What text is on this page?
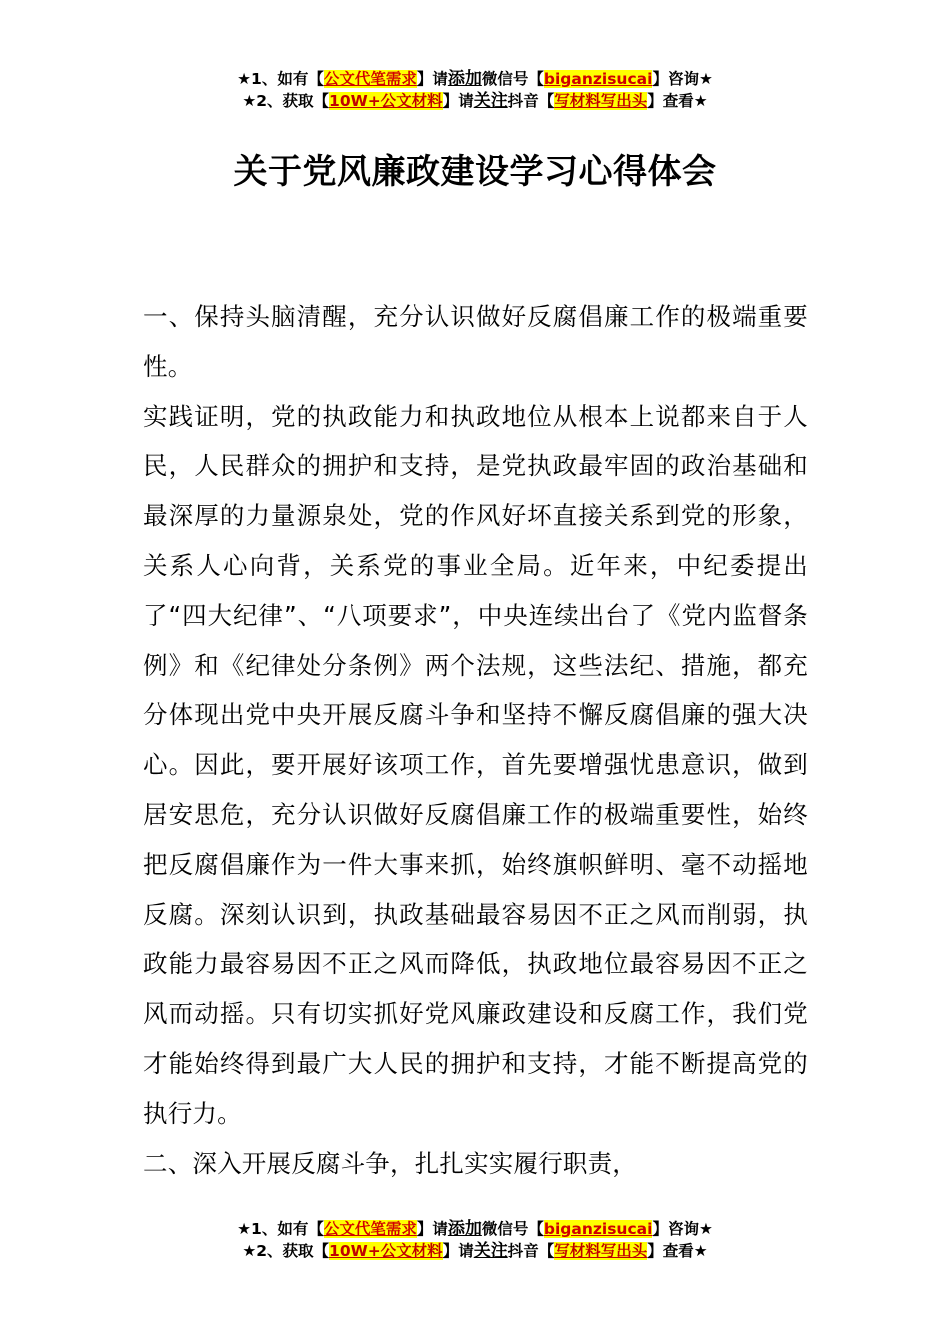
★1、如有【公文代笔需求】请添加微信号【biganzisucai】咨询★
★2、获取【10W+公文材料】请关注抖音【写材料写出头】查看★
关于党风廉政建设学习心得体会

一、保持头脑清醒，充分认识做好反腐倡廉工作的极端重要性。

实践证明，党的执政能力和执政地位从根本上说都来自于人民，人民群众的拥护和支持，是党执政最牢固的政治基础和最深厚的力量源泉处，党的作风好坏直接关系到党的形象，关系人心向背，关系党的事业全局。近年来，中纪委提出了“四大纪律”、“八项要求”，中央连续出台了《党内监督条例》和《纪律处分条例》两个法规，这些法纪、措施，都充分体现出党中央开展反腐斗争和坚持不懈反腐倡廉的强大决心。因此，要开展好该项工作，首先要增强忧患意识，做到居安思危，充分认识做好反腐倡廉工作的极端重要性，始终把反腐倡廉作为一件大事来抓，始终旗帜鲜明、毫不动摇地反腐。深刻认识到，执政基础最容易因不正之风而削弱，执政能力最容易因不正之风而降低，执政地位最容易因不正之风而动摇。只有切实抓好党风廉政建设和反腐工作，我们党才能始终得到最广大人民的拥护和支持，才能不断提高党的执行力。

二、深入开展反腐斗争，扎扎实实履行职责，

★1、如有【公文代笔需求】请添加微信号【biganzisucai】咨询★
★2、获取【10W+公文材料】请关注抖音【写材料写出头】查看★
